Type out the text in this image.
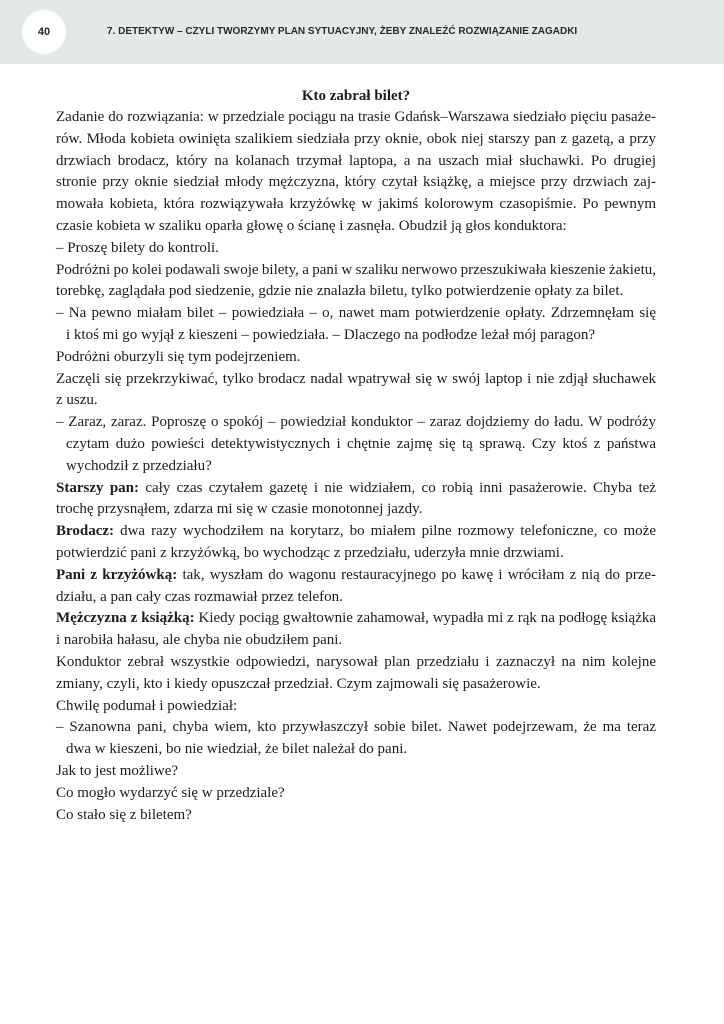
40	7. DETEKTYW – CZYLI TWORZYMY PLAN SYTUACYJNY, ŻEBY ZNALEŹĆ ROZWIĄZANIE ZAGADKI
Kto zabrał bilet?
Zadanie do rozwiązania: w przedziale pociągu na trasie Gdańsk–Warszawa siedziało pięciu pasaże-
rów. Młoda kobieta owinięta szalikiem siedziała przy oknie, obok niej starszy pan z gazetą, a przy
drzwiach brodacz, który na kolanach trzymał laptopa, a na uszach miał słuchawki. Po drugiej
stronie przy oknie siedział młody mężczyzna, który czytał książkę, a miejsce przy drzwiach zaj-
mowała kobieta, która rozwiązywała krzyżówkę w jakimś kolorowym czasopiśmie. Po pewnym
czasie kobieta w szaliku oparła głowę o ścianę i zasnęła. Obudził ją głos konduktora:
– Proszę bilety do kontroli.
Podróżni po kolei podawali swoje bilety, a pani w szaliku nerwowo przeszukiwała kieszenie żakietu,
torebkę, zaglądała pod siedzenie, gdzie nie znalazła biletu, tylko potwierdzenie opłaty za bilet.
– Na pewno miałam bilet – powiedziała – o, nawet mam potwierdzenie opłaty. Zdrzemnęłam się
i ktoś mi go wyjął z kieszeni – powiedziała. – Dlaczego na podłodze leżał mój paragon?
Podróżni oburzyli się tym podejrzeniem.
Zaczęli się przekrzykiwać, tylko brodacz nadal wpatrywał się w swój laptop i nie zdjął słuchawek
z uszu.
– Zaraz, zaraz. Poproszę o spokój – powiedział konduktor – zaraz dojdziemy do ładu. W podróży
czytam dużo powieści detektywistycznych i chętnie zajmę się tą sprawą. Czy ktoś z państwa
wychodził z przedziału?
Starszy pan: cały czas czytałem gazetę i nie widziałem, co robią inni pasażerowie. Chyba też
trochę przysnąłem, zdarza mi się w czasie monotonnej jazdy.
Brodacz: dwa razy wychodziłem na korytarz, bo miałem pilne rozmowy telefoniczne, co może
potwierdzić pani z krzyżówką, bo wychodząc z przedziału, uderzyła mnie drzwiami.
Pani z krzyżówką: tak, wyszłam do wagonu restauracyjnego po kawę i wróciłam z nią do prze-
działu, a pan cały czas rozmawiał przez telefon.
Mężczyzna z książką: Kiedy pociąg gwałtownie zahamował, wypadła mi z rąk na podłogę książka
i narobiła hałasu, ale chyba nie obudziłem pani.
Konduktor zebrał wszystkie odpowiedzi, narysował plan przedziału i zaznaczył na nim kolejne
zmiany, czyli, kto i kiedy opuszczał przedział. Czym zajmowali się pasażerowie.
Chwilę podumał i powiedział:
– Szanowna pani, chyba wiem, kto przywłaszczył sobie bilet. Nawet podejrzewam, że ma teraz
dwa w kieszeni, bo nie wiedział, że bilet należał do pani.
Jak to jest możliwe?
Co mogło wydarzyć się w przedziale?
Co stało się z biletem?
